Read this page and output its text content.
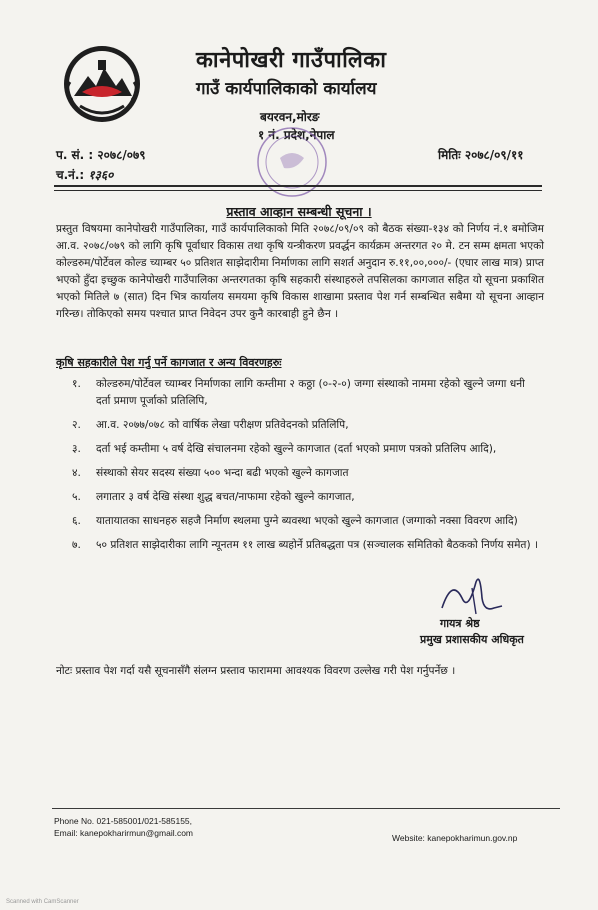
कानेपोखरी गाउँपालिका
गाउँ कार्यपालिकाको कार्यालय
बयरवन,मोरङ
१ नं. प्रदेश,नेपाल
प. सं. : २०७८/०७९
च.नं.: १३६०
मितिः २०७८/०९/११
प्रस्ताव आव्हान सम्बन्धी सूचना ।
प्रस्तुत विषयमा कानेपोखरी गाउँपालिका, गाउँ कार्यपालिकाको मिति २०७८/०९/०९ को बैठक संख्या-१३४ को निर्णय नं.१ बमोजिम आ.व. २०७८/०७९ को लागि कृषि पूर्वाधार विकास तथा कृषि यन्त्रीकरण प्रवर्द्धन कार्यक्रम अन्तरगत २० मे. टन सम्म क्षमता भएको कोल्डरुम/पोर्टेवल कोल्ड च्याम्बर ५० प्रतिशत साझेदारीमा निर्माणका लागि सशर्त अनुदान रु.११,००,०००/- (एघार लाख मात्र) प्राप्त भएको हुँदा इच्छुक कानेपोखरी गाउँपालिका अन्तरगतका कृषि सहकारी संस्थाहरुले तपसिलका कागजात सहित यो सूचना प्रकाशित भएको मितिले ७ (सात) दिन भित्र कार्यालय समयमा कृषि विकास शाखामा प्रस्ताव पेश गर्न सम्बन्धित सबैमा यो सूचना आव्हान गरिन्छ। तोकिएको समय पश्चात प्राप्त निवेदन उपर कुनै कारबाही हुने छैन ।
कृषि सहकारीले पेश गर्नु पर्ने कागजात र अन्य विवरणहरुः
१.	कोल्डरुम/पोर्टेवल च्याम्बर निर्माणका लागि कम्तीमा २ कठ्ठा (०-२-०) जग्गा संस्थाको नाममा रहेको खुल्ने जग्गा धनी दर्ता प्रमाण पूर्जाको प्रतिलिपि,
२.	आ.व. २०७७/०७८ को वार्षिक लेखा परीक्षण प्रतिवेदनको प्रतिलिपि,
३.	दर्ता भई कम्तीमा ५ वर्ष देखि संचालनमा रहेको खुल्ने कागजात (दर्ता भएको प्रमाण पत्रको प्रतिलिप आदि),
४.	संस्थाको सेयर सदस्य संख्या ५०० भन्दा बढी भएको खुल्ने कागजात
५.	लगातार ३ वर्ष देखि संस्था शुद्ध बचत/नाफामा रहेको खुल्ने कागजात,
६.	यातायातका साधनहरु सहजै निर्माण स्थलमा पुग्ने ब्यवस्था भएको खुल्ने कागजात (जग्गाको नक्सा विवरण आदि)
७.	५० प्रतिशत साझेदारीका लागि न्यूनतम ११ लाख ब्यहोर्ने प्रतिबद्धता पत्र (सञ्चालक समितिको बैठकको निर्णय समेत) ।
गायत्र श्रेष्ठ
प्रमुख प्रशासकीय अधिकृत
नोटः प्रस्ताव पेश गर्दा यसै सूचनासँगै संलग्न प्रस्ताव फाराममा आवश्यक विवरण उल्लेख गरी पेश गर्नुपर्नेछ ।
Phone No. 021-585001/021-585155,
Email: kanepokharirmun@gmail.com	Website: kanepokharimun.gov.np
Scanned with CamScanner
